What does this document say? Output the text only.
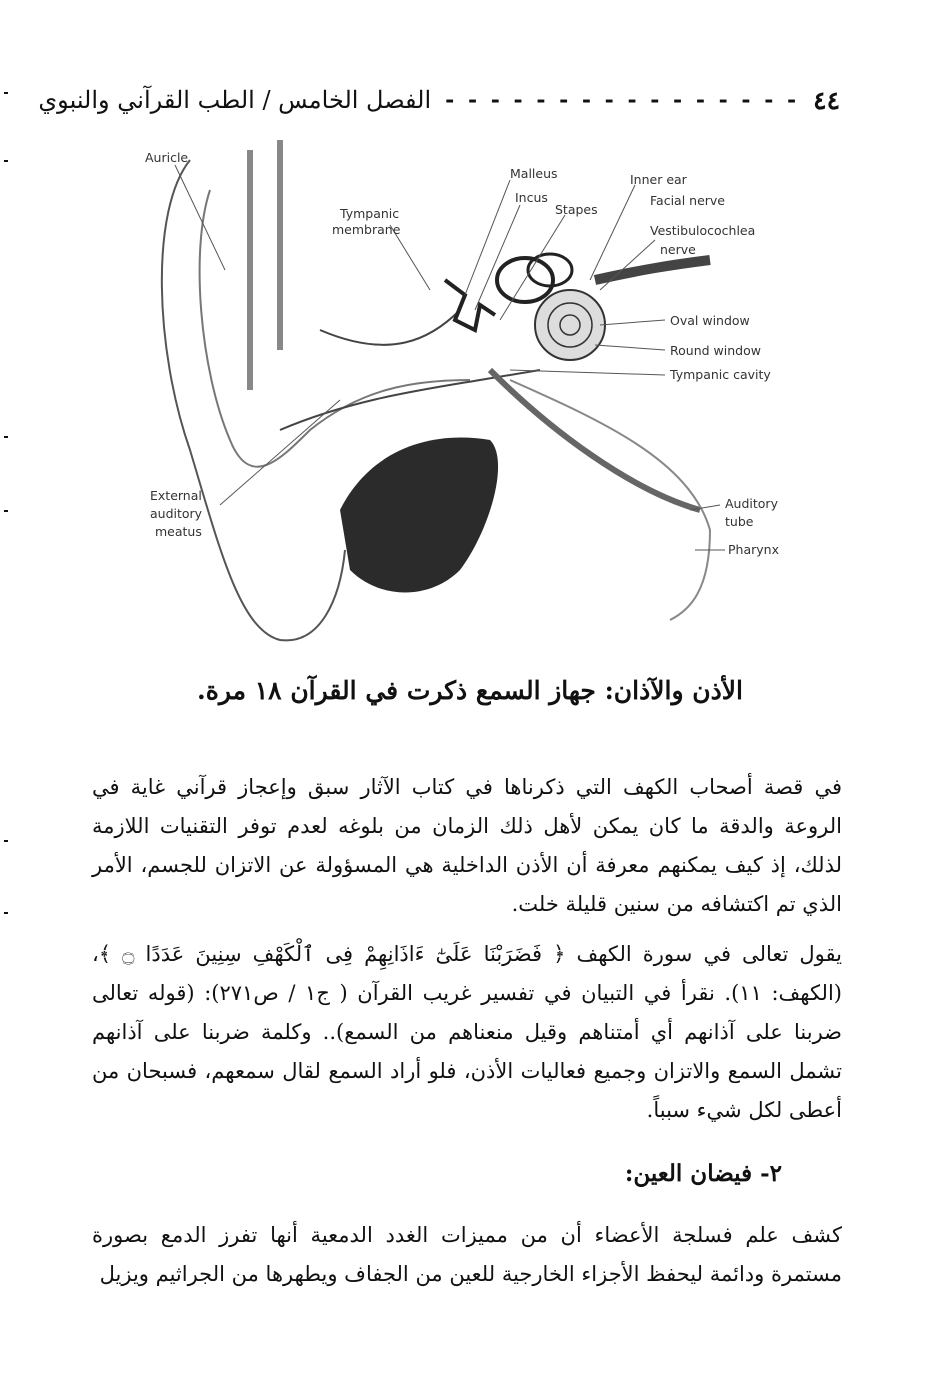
٤٤
- - - - - - - - - - - - - - - -
الفصل الخامس / الطب القرآني والنبوي
Auricle
Tympanic
membrane
Malleus
Incus
Stapes
Inner ear
Facial nerve
Vestibulocochlea
nerve
Oval window
Round window
Tympanic cavity
External
auditory
meatus
Auditory
tube
Pharynx
الأذن والآذان: جهاز السمع ذكرت في القرآن ١٨ مرة.
في قصة أصحاب الكهف التي ذكرناها في كتاب الآثار سبق وإعجاز قرآني غاية في الروعة والدقة ما كان يمكن لأهل ذلك الزمان من بلوغه لعدم توفر التقنيات اللازمة لذلك، إذ كيف يمكنهم معرفة أن الأذن الداخلية هي المسؤولة عن الاتزان للجسم، الأمر الذي تم اكتشافه من سنين قليلة خلت.
يقول تعالى في سورة الكهف ﴿ فَضَرَبْنَا عَلَىٰٓ ءَاذَانِهِمْ فِى ٱلْكَهْفِ سِنِينَ عَدَدًا ۝ ﴾، (الكهف: ١١). نقرأ في التبيان في تفسير غريب القرآن ( ج١ / ص٢٧١): (قوله تعالى ضربنا على آذانهم أي أمتناهم وقيل منعناهم من السمع).. وكلمة ضربنا على آذانهم تشمل السمع والاتزان وجميع فعاليات الأذن، فلو أراد السمع لقال سمعهم، فسبحان من أعطى لكل شيء سبباً.
٢- فيضان العين:
كشف علم فسلجة الأعضاء أن من مميزات الغدد الدمعية أنها تفرز الدمع بصورة مستمرة ودائمة ليحفظ الأجزاء الخارجية للعين من الجفاف ويطهرها من الجراثيم ويزيل
